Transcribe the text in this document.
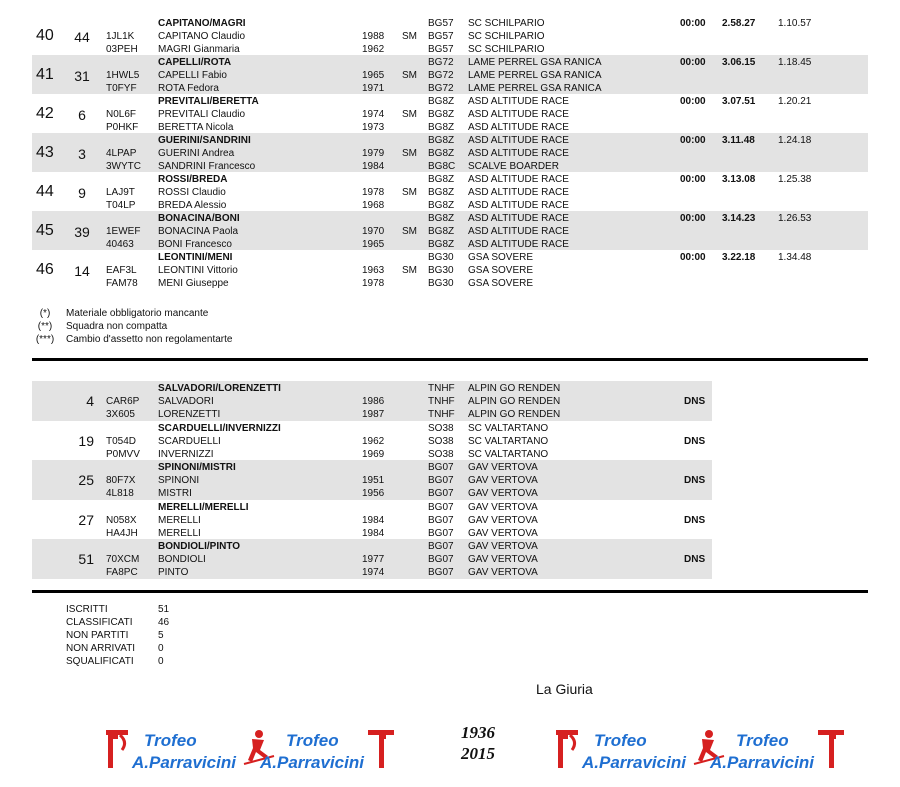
40	44
CAPITANO/MAGRI	BG57 SC SCHILPARIO	00:00 2.58.27 1.10.57
1JL1K CAPITANO Claudio	1988 SM BG57 SC SCHILPARIO
03PEH MAGRI Gianmaria	1962	BG57 SC SCHILPARIO
41	31
CAPELLI/ROTA	BG72 LAME PERREL GSA RANICA	00:00 3.06.15 1.18.45
1HWL5 CAPELLI Fabio	1965 SM BG72 LAME PERREL GSA RANICA
T0FYF ROTA Fedora	1971	BG72 LAME PERREL GSA RANICA
42	6
PREVITALI/BERETTA	BG8Z ASD ALTITUDE RACE	00:00 3.07.51 1.20.21
N0L6F PREVITALI Claudio	1974 SM BG8Z ASD ALTITUDE RACE
P0HKF BERETTA Nicola	1973	BG8Z ASD ALTITUDE RACE
43	3
GUERINI/SANDRINI	BG8Z ASD ALTITUDE RACE	00:00 3.11.48 1.24.18
4LPAP GUERINI Andrea	1979 SM BG8Z ASD ALTITUDE RACE
3WYTC SANDRINI Francesco	1984	BG8C SCALVE BOARDER
44	9
ROSSI/BREDA	BG8Z ASD ALTITUDE RACE	00:00 3.13.08 1.25.38
LAJ9T ROSSI Claudio	1978 SM BG8Z ASD ALTITUDE RACE
T04LP BREDA Alessio	1968	BG8Z ASD ALTITUDE RACE
45	39
BONACINA/BONI	BG8Z ASD ALTITUDE RACE	00:00 3.14.23 1.26.53
1EWEF BONACINA Paola	1970 SM BG8Z ASD ALTITUDE RACE
40463 BONI Francesco	1965	BG8Z ASD ALTITUDE RACE
46	14
LEONTINI/MENI	BG30 GSA SOVERE	00:00 3.22.18 1.34.48
EAF3L LEONTINI Vittorio	1963 SM BG30 GSA SOVERE
FAM78 MENI Giuseppe	1978	BG30 GSA SOVERE
(*)	Materiale obbligatorio mancante
(**)	Squadra non compatta
(***)	Cambio d'assetto non regolamentarte
4
SALVADORI/LORENZETTI	TNHF ALPIN GO RENDEN
CAR6P SALVADORI	1986	TNHF ALPIN GO RENDEN	DNS
3X605 LORENZETTI	1987	TNHF ALPIN GO RENDEN
19
SCARDUELLI/INVERNIZZI	SO38 SC VALTARTANO
T054D SCARDUELLI	1962	SO38 SC VALTARTANO	DNS
P0MVV INVERNIZZI	1969	SO38 SC VALTARTANO
25
SPINONI/MISTRI	BG07 GAV VERTOVA
80F7X SPINONI	1951	BG07 GAV VERTOVA	DNS
4L818 MISTRI	1956	BG07 GAV VERTOVA
27
MERELLI/MERELLI	BG07 GAV VERTOVA
N058X MERELLI	1984	BG07 GAV VERTOVA	DNS
HA4JH MERELLI	1984	BG07 GAV VERTOVA
51
BONDIOLI/PINTO	BG07 GAV VERTOVA
70XCM BONDIOLI	1977	BG07 GAV VERTOVA	DNS
FA8PC PINTO	1974	BG07 GAV VERTOVA
ISCRITTI	51
CLASSIFICATI	46
NON PARTITI	5
NON ARRIVATI 0
SQUALIFICATI 0
La Giuria
Trofeo
A.Parravicini
Trofeo
A.Parravicini
1936
2015
Trofeo
A.Parravicini
Trofeo
A.Parravicini
